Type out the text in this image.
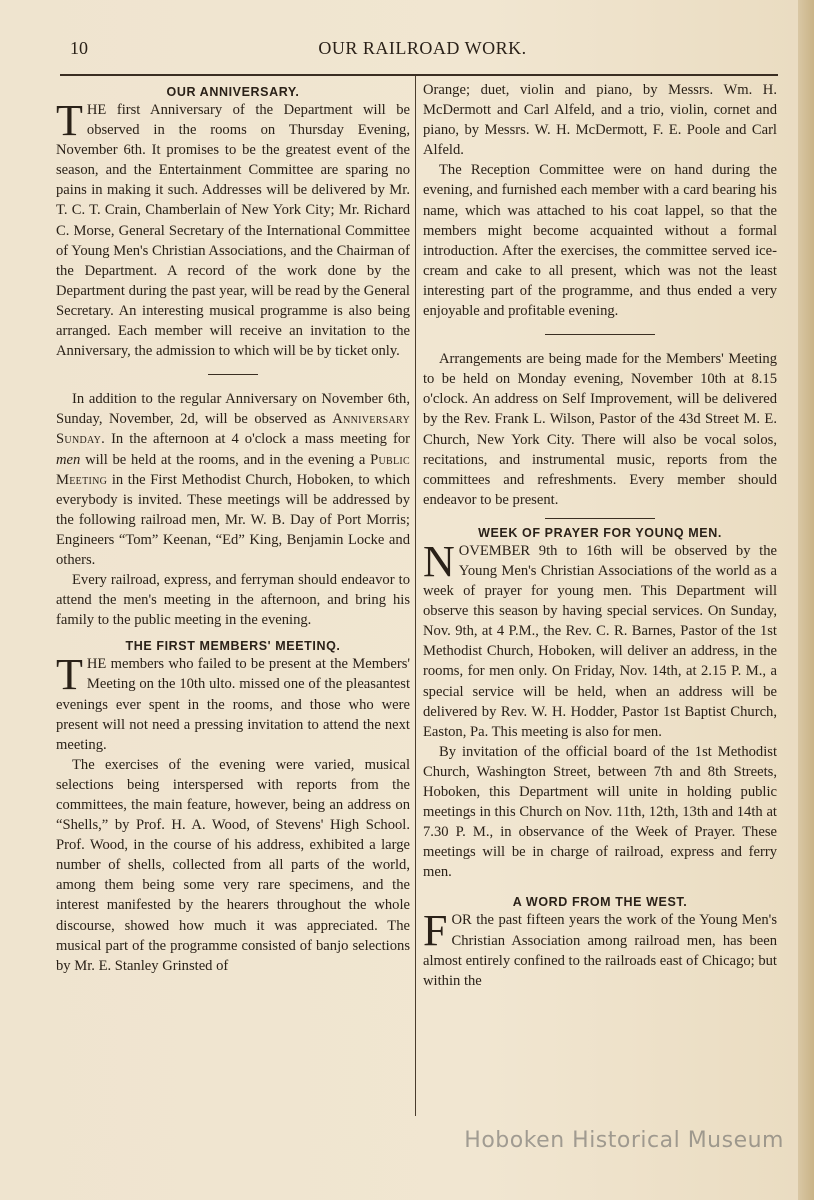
10	OUR RAILROAD WORK.
OUR ANNIVERSARY.

THE first Anniversary of the Department will be observed in the rooms on Thursday Evening, November 6th. It promises to be the greatest event of the season, and the Entertainment Committee are sparing no pains in making it such. Addresses will be delivered by Mr. T. C. T. Crain, Chamberlain of New York City; Mr. Richard C. Morse, General Secretary of the International Committee of Young Men's Christian Associations, and the Chairman of the Department. A record of the work done by the Department during the past year, will be read by the General Secretary. An interesting musical programme is also being arranged. Each member will receive an invitation to the Anniversary, the admission to which will be by ticket only.

In addition to the regular Anniversary on November 6th, Sunday, November, 2d, will be observed as Anniversary Sunday. In the afternoon at 4 o'clock a mass meeting for men will be held at the rooms, and in the evening a Public Meeting in the First Methodist Church, Hoboken, to which everybody is invited. These meetings will be addressed by the following railroad men, Mr. W. B. Day of Port Morris; Engineers “Tom” Keenan, “Ed” King, Benjamin Locke and others.

Every railroad, express, and ferryman should endeavor to attend the men's meeting in the afternoon, and bring his family to the public meeting in the evening.

THE FIRST MEMBERS' MEETINQ.

THE members who failed to be present at the Members' Meeting on the 10th ulto. missed one of the pleasantest evenings ever spent in the rooms, and those who were present will not need a pressing invitation to attend the next meeting.

The exercises of the evening were varied, musical selections being interspersed with reports from the committees, the main feature, however, being an address on “Shells,” by Prof. H. A. Wood, of Stevens' High School. Prof. Wood, in the course of his address, exhibited a large number of shells, collected from all parts of the world, among them being some very rare specimens, and the interest manifested by the hearers throughout the whole discourse, showed how much it was appreciated. The musical part of the programme consisted of banjo selections by Mr. E. Stanley Grinsted of

Orange; duet, violin and piano, by Messrs. Wm. H. McDermott and Carl Alfeld, and a trio, violin, cornet and piano, by Messrs. W. H. McDermott, F. E. Poole and Carl Alfeld.

The Reception Committee were on hand during the evening, and furnished each member with a card bearing his name, which was attached to his coat lappel, so that the members might become acquainted without a formal introduction. After the exercises, the committee served ice-cream and cake to all present, which was not the least interesting part of the programme, and thus ended a very enjoyable and profitable evening.

Arrangements are being made for the Members' Meeting to be held on Monday evening, November 10th at 8.15 o'clock. An address on Self Improvement, will be delivered by the Rev. Frank L. Wilson, Pastor of the 43d Street M. E. Church, New York City. There will also be vocal solos, recitations, and instrumental music, reports from the committees and refreshments. Every member should endeavor to be present.

WEEK OF PRAYER FOR YOUNQ MEN.

NOVEMBER 9th to 16th will be observed by the Young Men's Christian Associations of the world as a week of prayer for young men. This Department will observe this season by having special services. On Sunday, Nov. 9th, at 4 P.M., the Rev. C. R. Barnes, Pastor of the 1st Methodist Church, Hoboken, will deliver an address, in the rooms, for men only. On Friday, Nov. 14th, at 2.15 P. M., a special service will be held, when an address will be delivered by Rev. W. H. Hodder, Pastor 1st Baptist Church, Easton, Pa. This meeting is also for men.

By invitation of the official board of the 1st Methodist Church, Washington Street, between 7th and 8th Streets, Hoboken, this Department will unite in holding public meetings in this Church on Nov. 11th, 12th, 13th and 14th at 7.30 P. M., in observance of the Week of Prayer. These meetings will be in charge of railroad, express and ferry men.

A WORD FROM THE WEST.

FOR the past fifteen years the work of the Young Men's Christian Association among railroad men, has been almost entirely confined to the railroads east of Chicago; but within the

Hoboken Historical Museum
